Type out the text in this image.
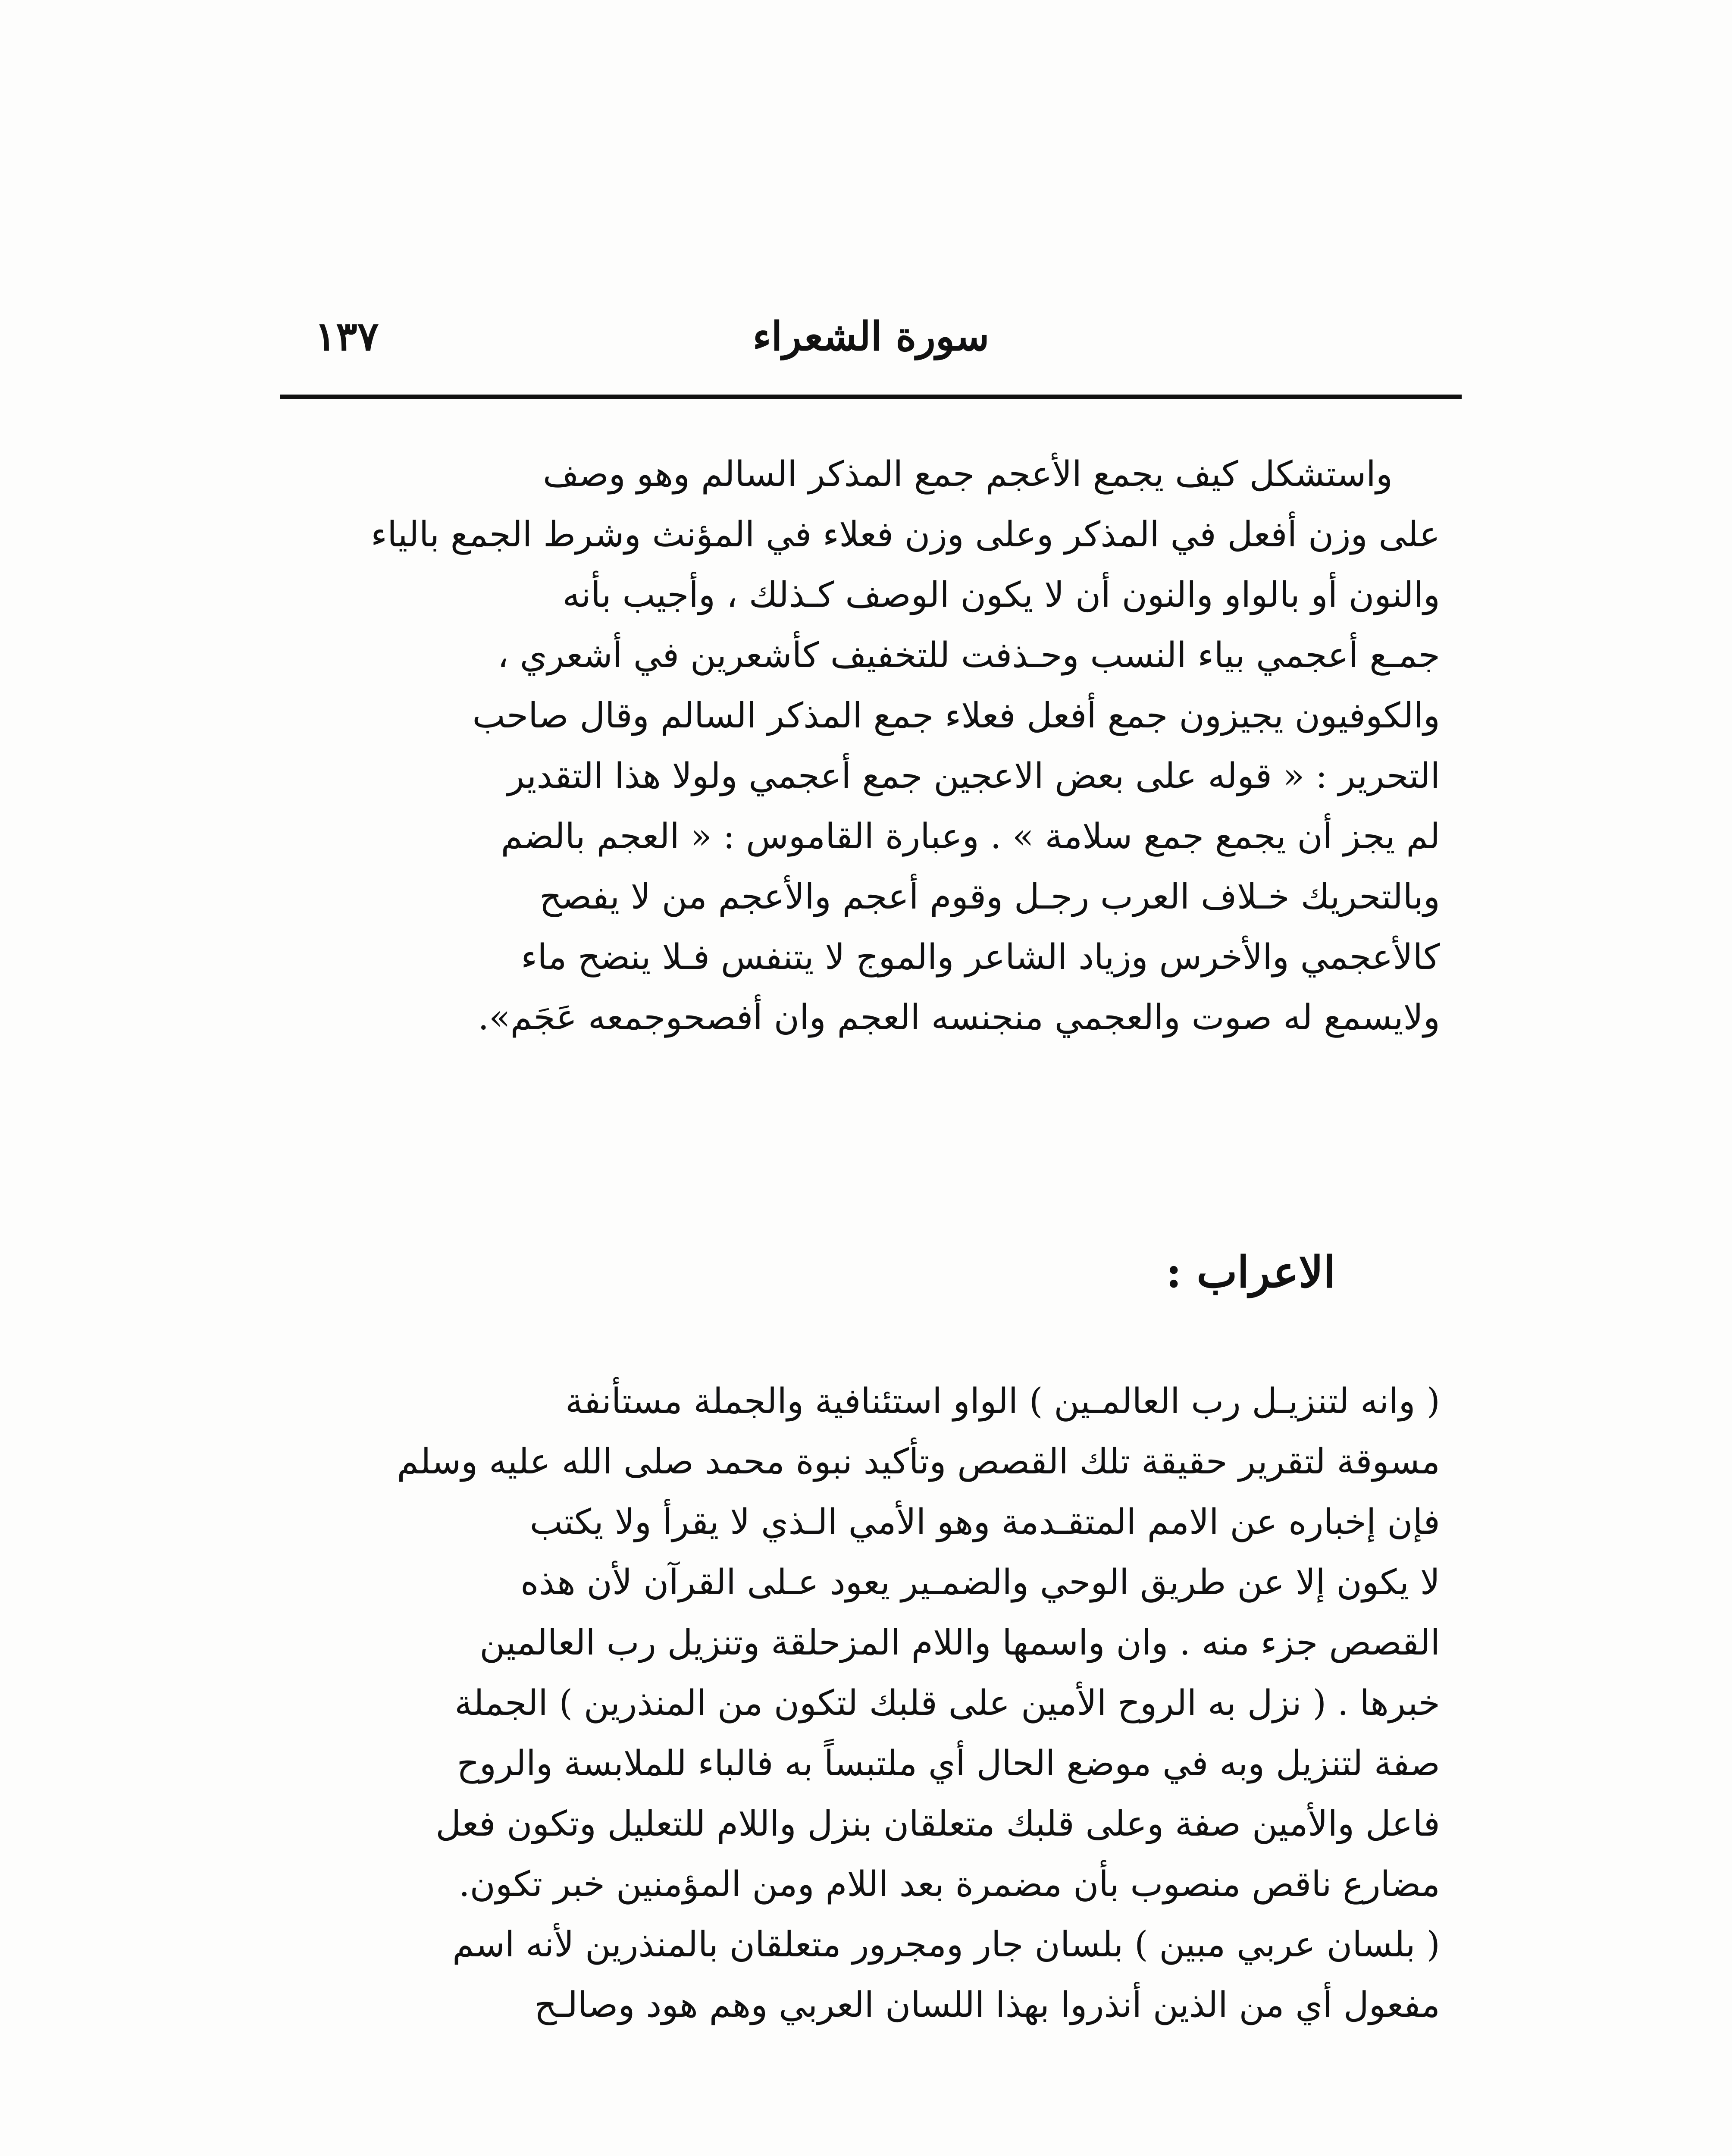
١٣٧	سورة الشعراء
واستشكل كيف يجمع الأعجم جمع المذكر السالم وهو وصف
على وزن أفعل في المذكر وعلى وزن فعلاء في المؤنث وشرط الجمع بالياء
والنون أو بالواو والنون أن لا يكون الوصف كـذلك ، وأجيب بأنه
جمـع أعجمي بياء النسب وحـذفت للتخفيف كأشعرين في أشعري ،
والكوفيون يجيزون جمع أفعل فعلاء جمع المذكر السالم وقال صاحب
التحرير : « قوله على بعض الاعجين جمع أعجمي ولولا هذا التقدير
لم يجز أن يجمع جمع سلامة » . وعبارة القاموس : « العجم بالضم
وبالتحريك خـلاف العرب رجـل وقوم أعجم والأعجم من لا يفصح
كالأعجمي والأخرس وزياد الشاعر والموج لا يتنفس فـلا ينضح ماء
ولايسمع له صوت والعجمي منجنسه العجم وان أفصحوجمعه عَجَم».
الاعراب :
( وانه لتنزيـل رب العالمـين ) الواو استئنافية والجملة مستأنفة
مسوقة لتقرير حقيقة تلك القصص وتأكيد نبوة محمد صلى الله عليه وسلم
فإن إخباره عن الامم المتقـدمة وهو الأمي الـذي لا يقرأ ولا يكتب
لا يكون إلا عن طريق الوحي والضمـير يعود عـلى القرآن لأن هذه
القصص جزء منه . وان واسمها واللام المزحلقة وتنزيل رب العالمين
خبرها . ( نزل به الروح الأمين على قلبك لتكون من المنذرين ) الجملة
صفة لتنزيل وبه في موضع الحال أي ملتبساً به فالباء للملابسة والروح
فاعل والأمين صفة وعلى قلبك متعلقان بنزل واللام للتعليل وتكون فعل
مضارع ناقص منصوب بأن مضمرة بعد اللام ومن المؤمنين خبر تكون.
( بلسان عربي مبين ) بلسان جار ومجرور متعلقان بالمنذرين لأنه اسم
مفعول أي من الذين أنذروا بهذا اللسان العربي وهم هود وصالـح
